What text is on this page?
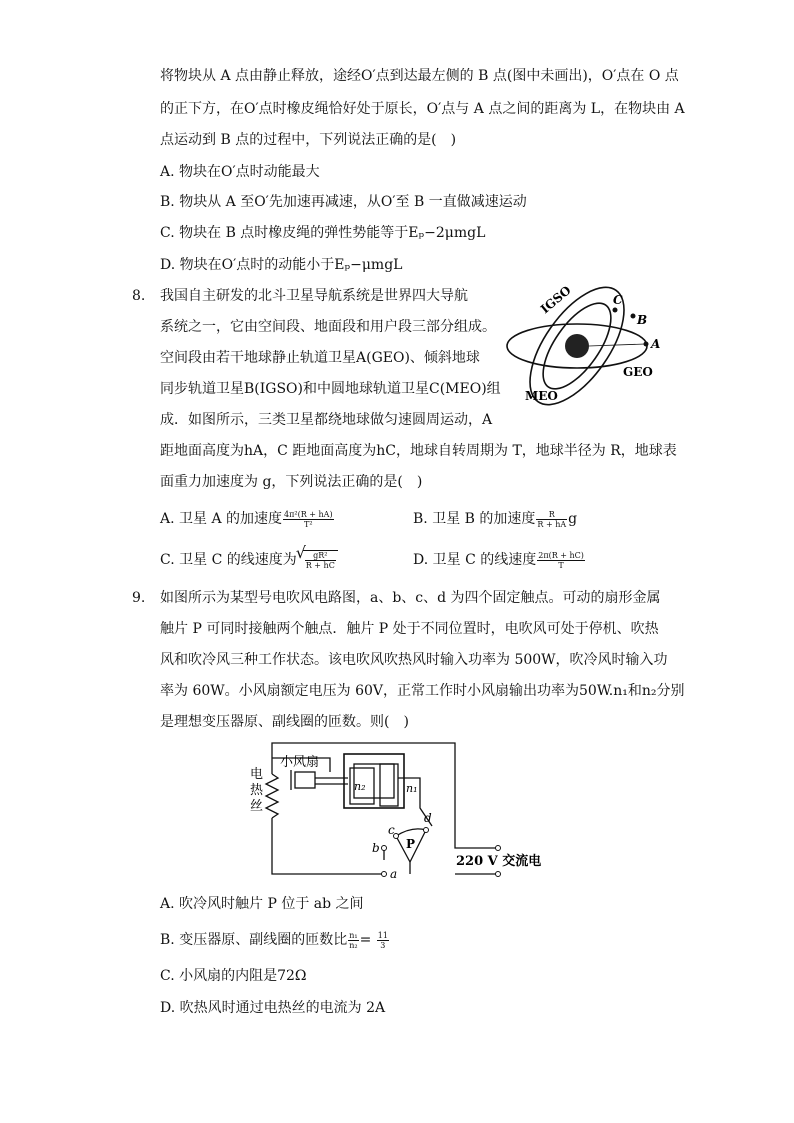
将物块从 A 点由静止释放，途经O′点到达最左侧的 B 点(图中未画出)，O′点在 O 点
的正下方，在O′点时橡皮绳恰好处于原长，O′点与 A 点之间的距离为 L，在物块由 A
点运动到 B 点的过程中，下列说法正确的是(　)
A. 物块在O′点时动能最大
B. 物块从 A 至O′先加速再减速，从O′至 B 一直做减速运动
C. 物块在 B 点时橡皮绳的弹性势能等于Eₚ−2μmgL
D. 物块在O′点时的动能小于Eₚ−μmgL
8. 我国自主研发的北斗卫星导航系统是世界四大导航
系统之一，它由空间段、地面段和用户段三部分组成。
空间段由若干地球静止轨道卫星A(GEO)、倾斜地球
同步轨道卫星B(IGSO)和中圆地球轨道卫星C(MEO)组
成．如图所示，三类卫星都绕地球做匀速圆周运动，A
距地面高度为hA，C 距地面高度为hC，地球自转周期为 T，地球半径为 R，地球表
面重力加速度为 g，下列说法正确的是(　)
IGSO
GEO
MEO
A
B
C
A. 卫星 A 的加速度 $\frac{\text{4π²(R + hA)}}{\text{T²}}$	B. 卫星 B 的加速度 $\frac{R}{R + hA}$ g
C. 卫星 C 的线速度为
√ $\frac{\text{gR²}}{R + hC}$	D. 卫星 C 的线速度 $\frac{2\pi(R + hC)}{T}$
9. 如图所示为某型号电吹风电路图，a、b、c、d 为四个固定触点。可动的扇形金属
触片 P 可同时接触两个触点．触片 P 处于不同位置时，电吹风可处于停机、吹热
风和吹冷风三种工作状态。该电吹风吹热风时输入功率为 500W，吹冷风时输入功
率为 60W。小风扇额定电压为 60V，正常工作时小风扇输出功率为50W.n₁和n₂分别
是理想变压器原、副线圈的匝数。则(　)
小风扇
电
热
丝
n₂	n₁
c
d
b
a
P
220 V 交流电
A. 吹冷风时触片 P 位于 ab 之间
B. 变压器原、副线圈的匝数比 $\frac{\text{n₁}}{\text{n₂}} = \frac{11}{3}$
C. 小风扇的内阻是72Ω
D. 吹热风时通过电热丝的电流为 2A
